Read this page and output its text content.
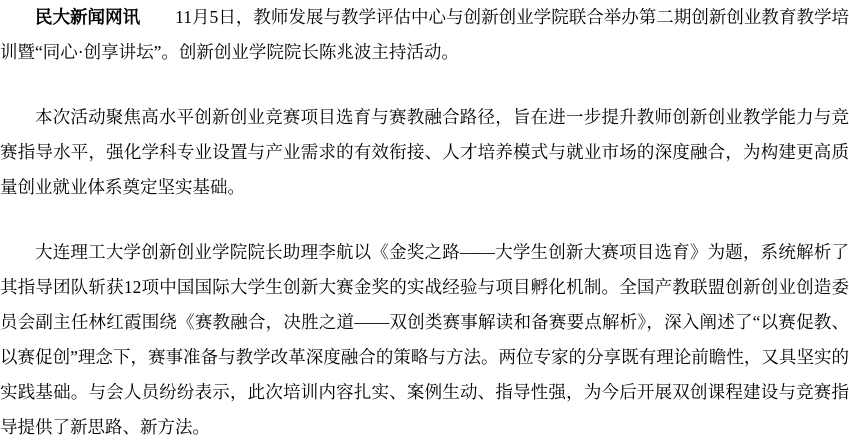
民大新闻网讯　　 11月5日，教师发展与教学评估中心与创新创业学院联合举办第二期创新创业教育教学培训暨“同心·创享讲坛”。创新创业学院院长陈兆波主持活动。

本次活动聚焦高水平创新创业竞赛项目选育与赛教融合路径，旨在进一步提升教师创新创业教学能力与竞赛指导水平，强化学科专业设置与产业需求的有效衔接、人才培养模式与就业市场的深度融合，为构建更高质量创业就业体系奠定坚实基础。

大连理工大学创新创业学院院长助理李航以《金奖之路——大学生创新大赛项目选育》为题，系统解析了其指导团队斩获12项中国国际大学生创新大赛金奖的实战经验与项目孵化机制。全国产教联盟创新创业创造委员会副主任林红霞围绕《赛教融合，决胜之道——双创类赛事解读和备赛要点解析》，深入阐述了“以赛促教、以赛促创”理念下，赛事准备与教学改革深度融合的策略与方法。两位专家的分享既有理论前瞻性，又具坚实的实践基础。与会人员纷纷表示，此次培训内容扎实、案例生动、指导性强，为今后开展双创课程建设与竞赛指导提供了新思路、新方法。
